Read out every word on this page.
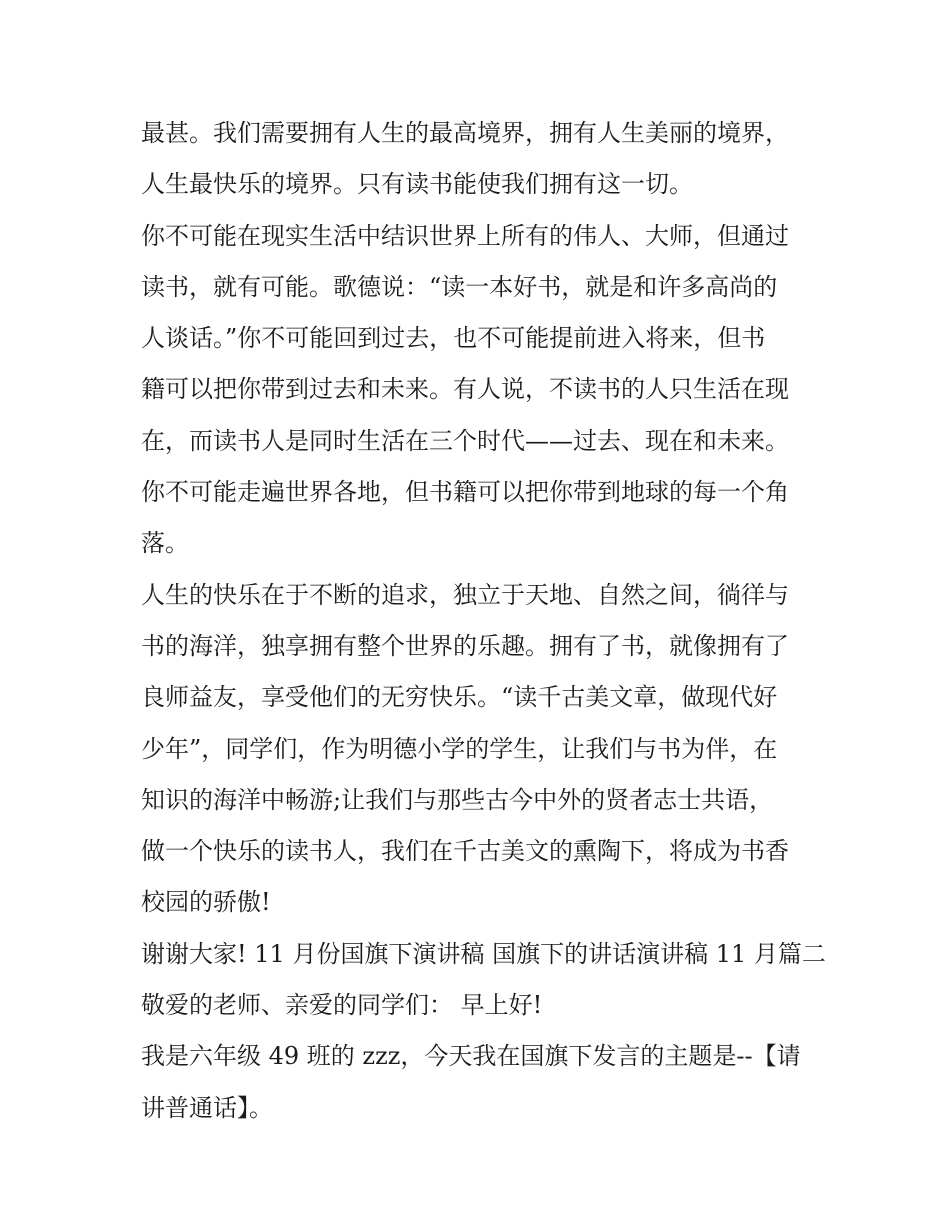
最甚。我们需要拥有人生的最高境界，拥有人生美丽的境界，
人生最快乐的境界。只有读书能使我们拥有这一切。
你不可能在现实生活中结识世界上所有的伟人、大师，但通过
读书，就有可能。歌德说：“读一本好书，就是和许多高尚的
人谈话。”你不可能回到过去，也不可能提前进入将来，但书
籍可以把你带到过去和未来。有人说，不读书的人只生活在现
在，而读书人是同时生活在三个时代——过去、现在和未来。
你不可能走遍世界各地，但书籍可以把你带到地球的每一个角
落。
人生的快乐在于不断的追求，独立于天地、自然之间，徜徉与
书的海洋，独享拥有整个世界的乐趣。拥有了书，就像拥有了
良师益友，享受他们的无穷快乐。“读千古美文章，做现代好
少年”，同学们，作为明德小学的学生，让我们与书为伴，在
知识的海洋中畅游;让我们与那些古今中外的贤者志士共语，
做一个快乐的读书人，我们在千古美文的熏陶下，将成为书香
校园的骄傲!
谢谢大家! 11 月份国旗下演讲稿 国旗下的讲话演讲稿 11 月篇二
敬爱的老师、亲爱的同学们： 早上好!
我是六年级 49 班的 zzz，今天我在国旗下发言的主题是--【请
讲普通话】。
